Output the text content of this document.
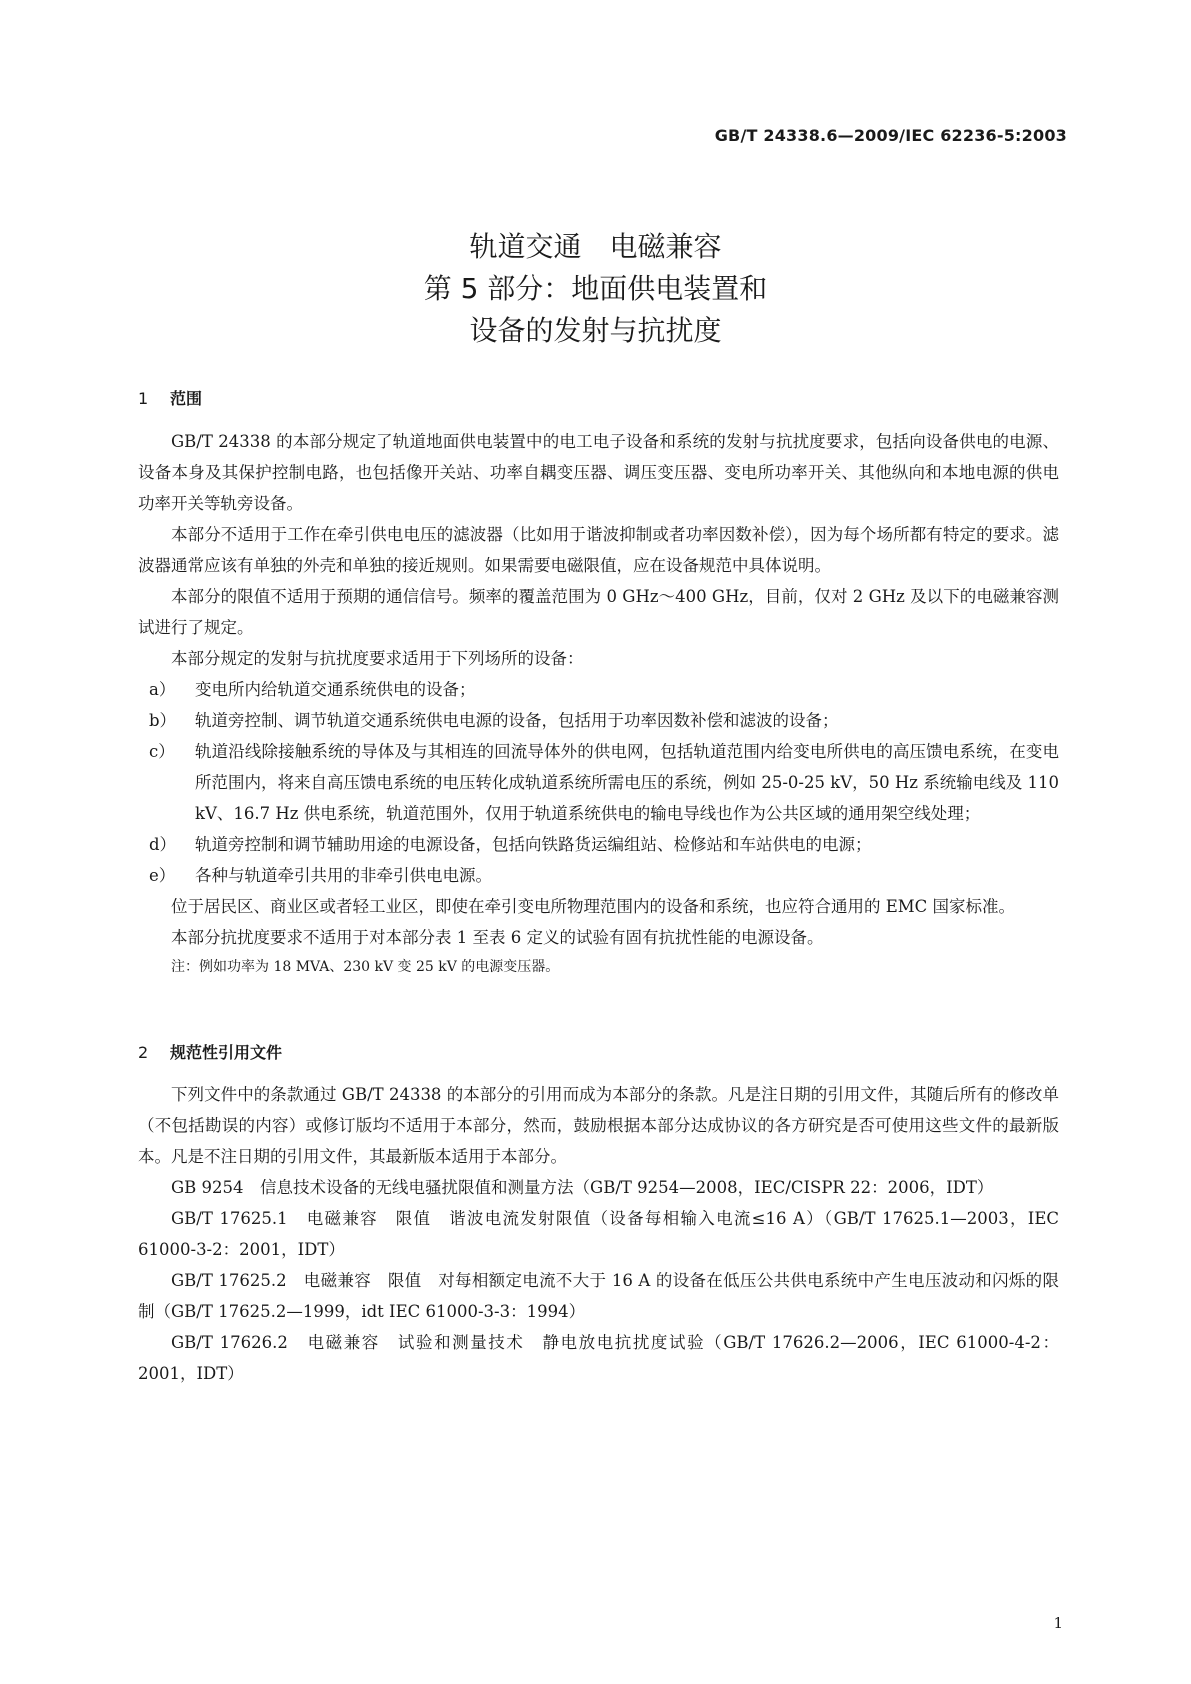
GB/T 24338.6—2009/IEC 62236-5:2003
轨道交通　电磁兼容
第 5 部分：地面供电装置和
设备的发射与抗扰度
1 范围

GB/T 24338 的本部分规定了轨道地面供电装置中的电工电子设备和系统的发射与抗扰度要求，包括向设备供电的电源、设备本身及其保护控制电路，也包括像开关站、功率自耦变压器、调压变压器、变电所功率开关、其他纵向和本地电源的供电功率开关等轨旁设备。

本部分不适用于工作在牵引供电电压的滤波器（比如用于谐波抑制或者功率因数补偿），因为每个场所都有特定的要求。滤波器通常应该有单独的外壳和单独的接近规则。如果需要电磁限值，应在设备规范中具体说明。

本部分的限值不适用于预期的通信信号。频率的覆盖范围为 0 GHz～400 GHz，目前，仅对 2 GHz 及以下的电磁兼容测试进行了规定。

本部分规定的发射与抗扰度要求适用于下列场所的设备：

a）	变电所内给轨道交通系统供电的设备；

b）	轨道旁控制、调节轨道交通系统供电电源的设备，包括用于功率因数补偿和滤波的设备；

c）	轨道沿线除接触系统的导体及与其相连的回流导体外的供电网，包括轨道范围内给变电所供电的高压馈电系统，在变电所范围内，将来自高压馈电系统的电压转化成轨道系统所需电压的系统，例如 25-0-25 kV，50 Hz 系统输电线及 110 kV、16.7 Hz 供电系统，轨道范围外，仅用于轨道系统供电的输电导线也作为公共区域的通用架空线处理；

d）	轨道旁控制和调节辅助用途的电源设备，包括向铁路货运编组站、检修站和车站供电的电源；

e）	各种与轨道牵引共用的非牵引供电电源。

位于居民区、商业区或者轻工业区，即使在牵引变电所物理范围内的设备和系统，也应符合通用的 EMC 国家标准。

本部分抗扰度要求不适用于对本部分表 1 至表 6 定义的试验有固有抗扰性能的电源设备。

注：例如功率为 18 MVA、230 kV 变 25 kV 的电源变压器。

2 规范性引用文件

下列文件中的条款通过 GB/T 24338 的本部分的引用而成为本部分的条款。凡是注日期的引用文件，其随后所有的修改单（不包括勘误的内容）或修订版均不适用于本部分，然而，鼓励根据本部分达成协议的各方研究是否可使用这些文件的最新版本。凡是不注日期的引用文件，其最新版本适用于本部分。

GB 9254　信息技术设备的无线电骚扰限值和测量方法（GB/T 9254—2008，IEC/CISPR 22：2006，IDT）

GB/T 17625.1　电磁兼容　限值　谐波电流发射限值（设备每相输入电流≤16 A）（GB/T 17625.1—2003，IEC 61000-3-2：2001，IDT）

GB/T 17625.2　电磁兼容　限值　对每相额定电流不大于 16 A 的设备在低压公共供电系统中产生电压波动和闪烁的限制（GB/T 17625.2—1999，idt IEC 61000-3-3：1994）

GB/T 17626.2　电磁兼容　试验和测量技术　静电放电抗扰度试验（GB/T 17626.2—2006，IEC 61000-4-2：2001，IDT）

1
